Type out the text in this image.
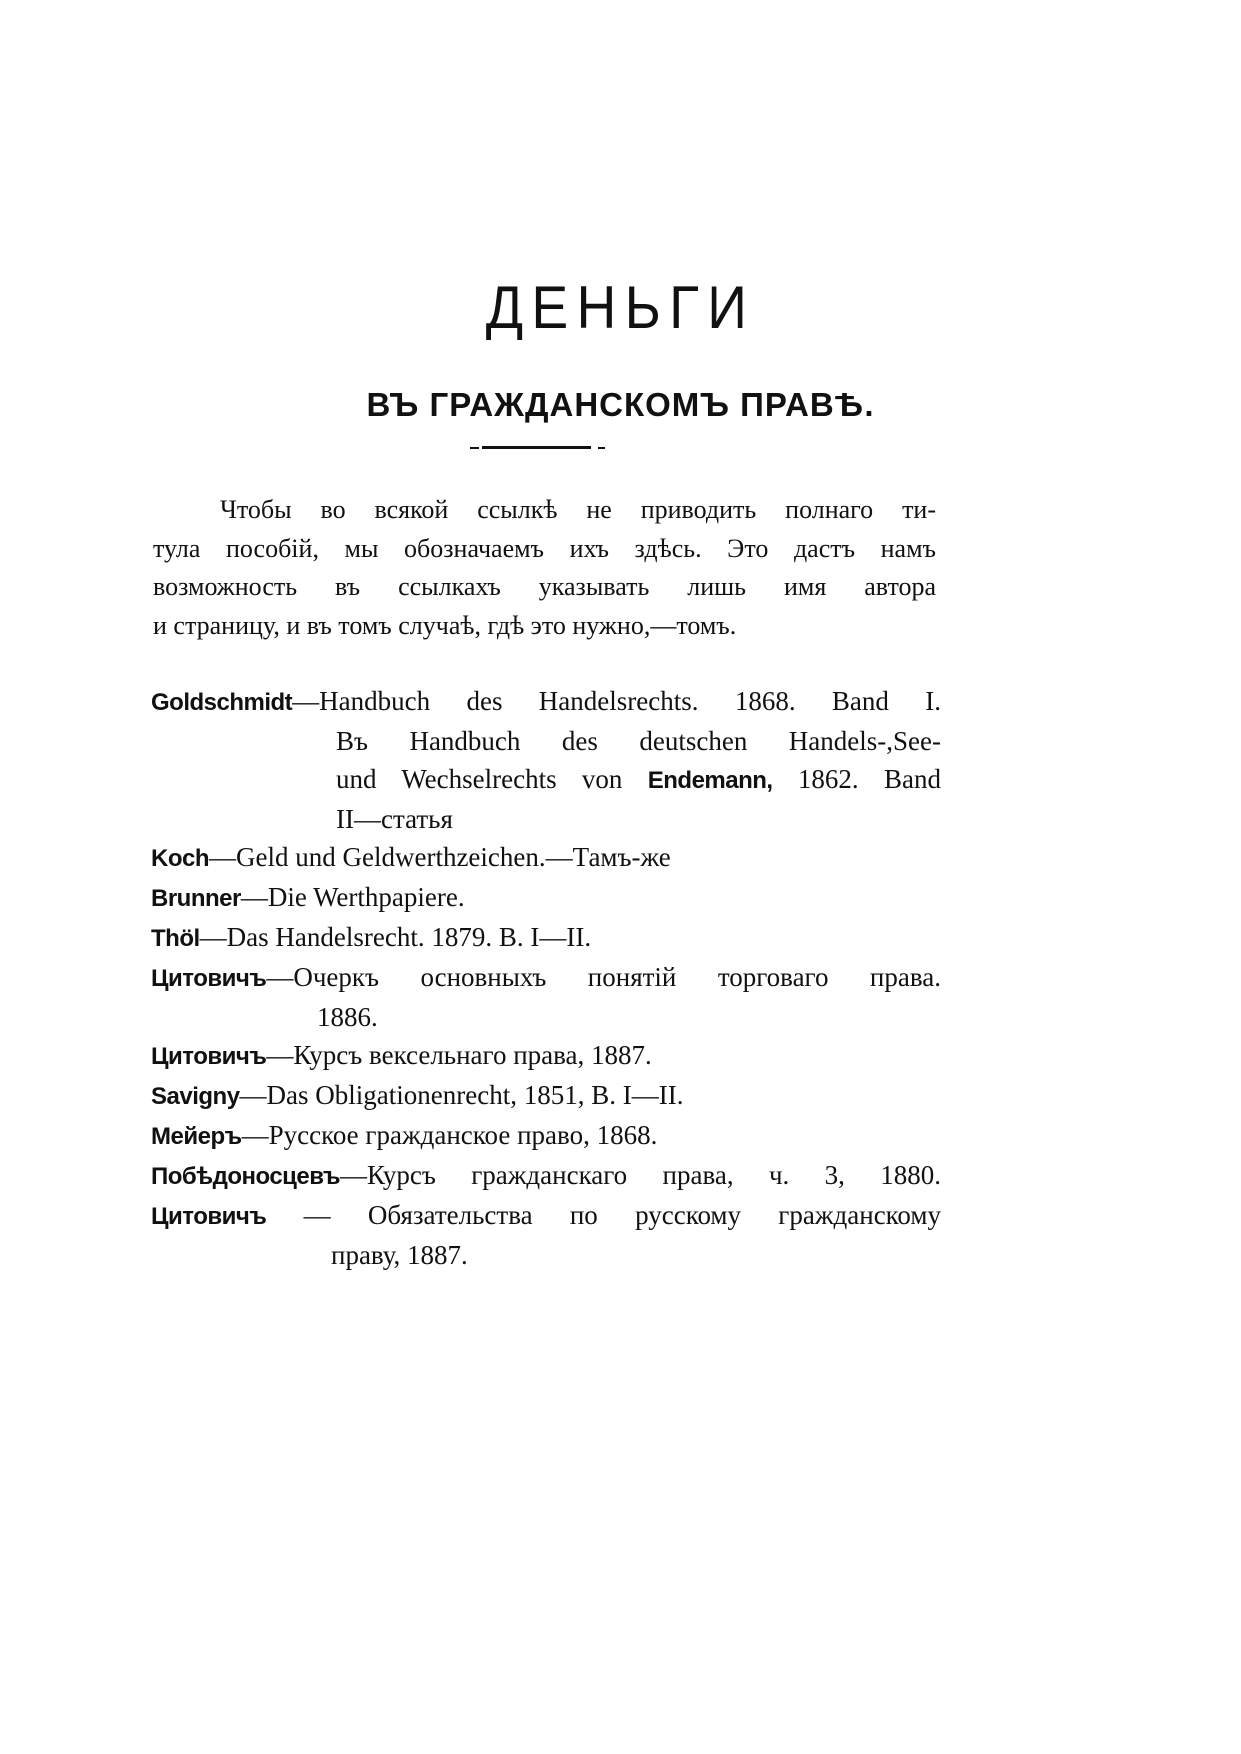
ДЕНЬГИ
ВЪ ГРАЖДАНСКОМЪ ПРАВѢ.
Чтобы во всякой ссылкѣ не приводить полнаго ти-
тула пособій, мы обозначаемъ ихъ здѣсь. Это дастъ намъ
возможность въ ссылкахъ указывать лишь имя автора
и страницу, и въ томъ случаѣ, гдѣ это нужно,—томъ.
Goldschmidt—Handbuch des Handelsrechts. 1868. Band I.
Въ Handbuch des deutschen Handels-,See-
und Wechselrechts von Endemann, 1862. Band
II—статья
Koch—Geld und Geldwerthzeichen.—Тамъ-же
Brunner—Die Werthpapiere.
Thöl—Das Handelsrecht. 1879. B. I—II.
Цитовичъ—Очеркъ основныхъ понятій торговаго права.
1886.
Цитовичъ—Курсъ вексельнаго права, 1887.
Savigny—Das Obligationenrecht, 1851, B. I—II.
Мейеръ—Русское гражданское право, 1868.
Побѣдоносцевъ—Курсъ гражданскаго права, ч. 3, 1880.
Цитовичъ — Обязательства по русскому гражданскому
праву, 1887.
